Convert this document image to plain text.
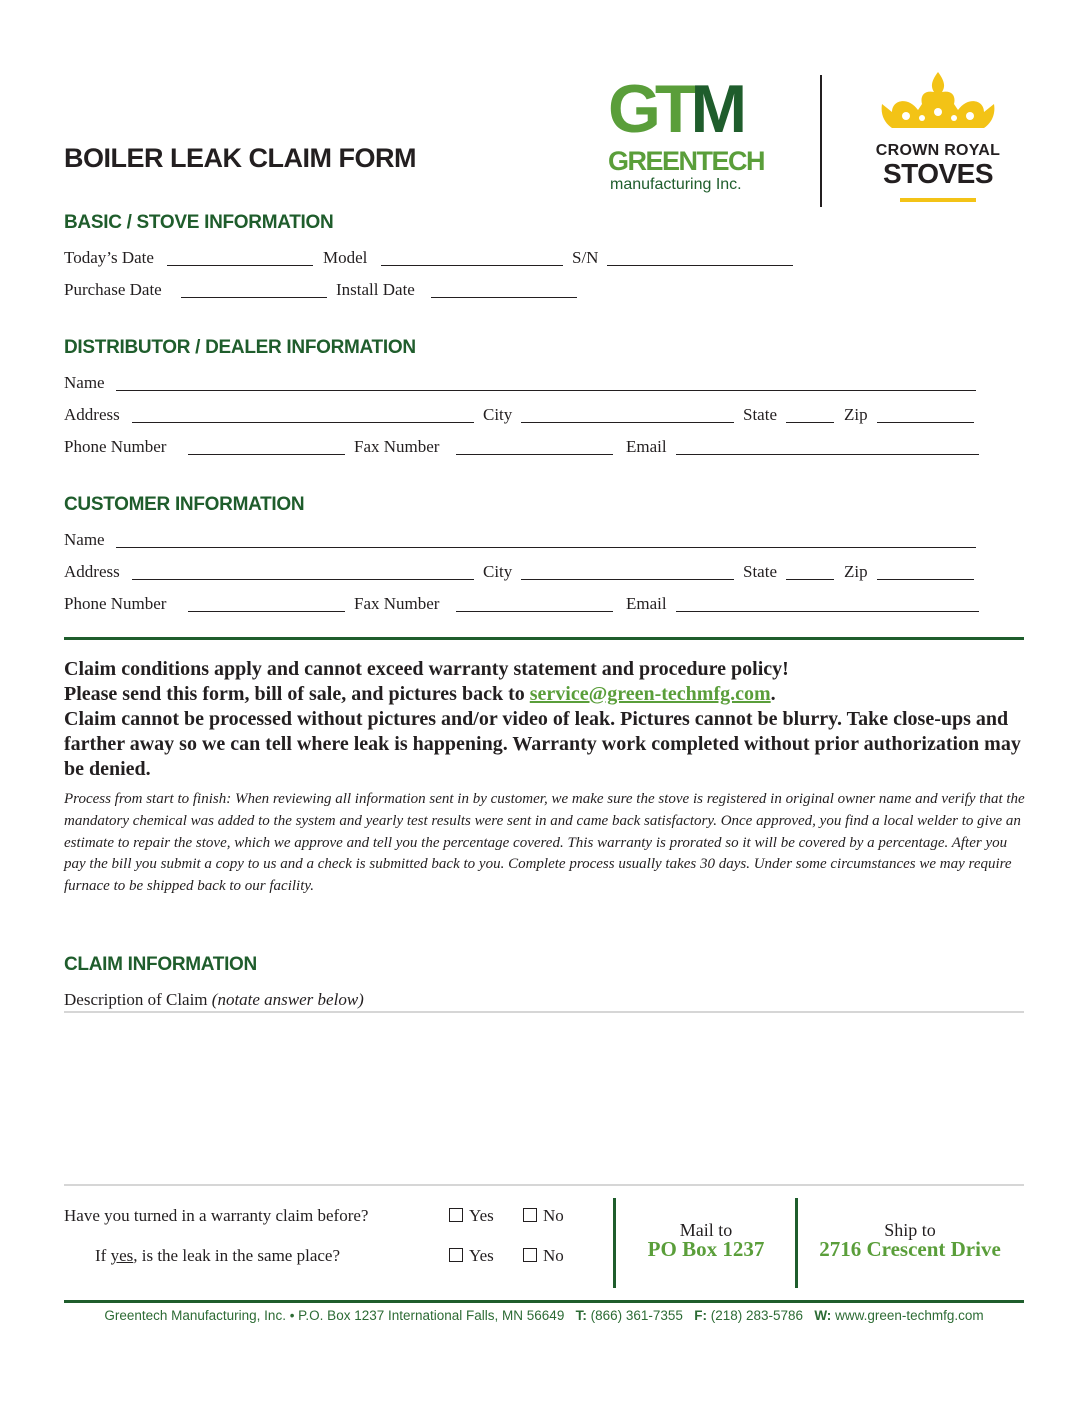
BOILER LEAK CLAIM FORM
GTM
GREENTECH
manufacturing Inc.
CROWN ROYAL
STOVES
BASIC / STOVE INFORMATION
Today’s Date	Model	S/N
Purchase Date	Install Date
DISTRIBUTOR / DEALER INFORMATION
Name
Address	City	State	Zip
Phone Number	Fax Number	Email
CUSTOMER INFORMATION
Name
Address	City	State	Zip
Phone Number	Fax Number	Email
Claim conditions apply and cannot exceed warranty statement and procedure policy!
Please send this form, bill of sale, and pictures back to service@green-techmfg.com.
Claim cannot be processed without pictures and/or video of leak. Pictures cannot be blurry. Take close-ups and farther away so we can tell where leak is happening. Warranty work completed without prior authorization may be denied.
Process from start to finish: When reviewing all information sent in by customer, we make sure the stove is registered in original owner name and verify that the mandatory chemical was added to the system and yearly test results were sent in and came back satisfactory. Once approved, you find a local welder to give an estimate to repair the stove, which we approve and tell you the percentage covered. This warranty is prorated so it will be covered by a percentage. After you pay the bill you submit a copy to us and a check is submitted back to you. Complete process usually takes 30 days. Under some circumstances we may require furnace to be shipped back to our facility.
CLAIM INFORMATION
Description of Claim (notate answer below)
Have you turned in a warranty claim before?	Yes	No
If yes, is the leak in the same place?	Yes	No
Mail to
PO Box 1237
Ship to
2716 Crescent Drive
Greentech Manufacturing, Inc. • P.O. Box 1237 International Falls, MN 56649 T: (866) 361-7355 F: (218) 283-5786 W: www.green-techmfg.com
